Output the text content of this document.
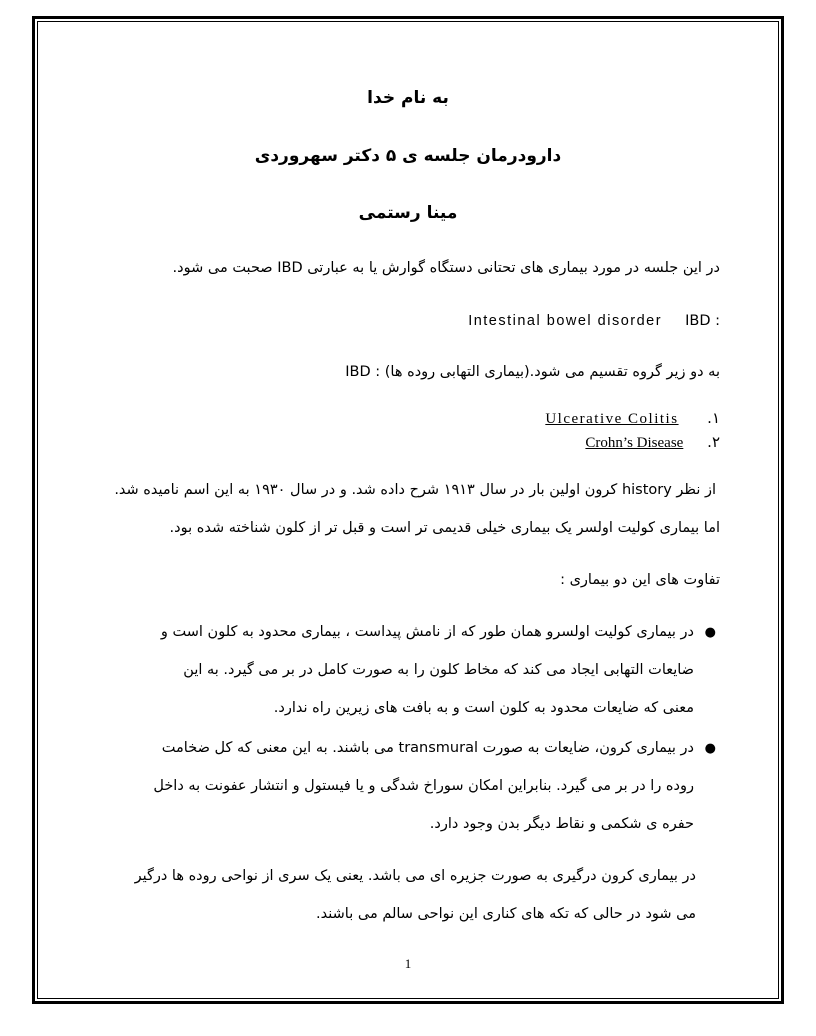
به نام خدا
دارودرمان جلسه ی ۵ دکتر سهروردی
مینا رستمی
در این جلسه در مورد بیماری های تحتانی دستگاه گوارش یا به عبارتی IBD صحبت می شود.
Intestinal bowel disorder IBD :
IBD : به دو زیر گروه تقسیم می شود.(بیماری التهابی روده ها)
Ulcerative Colitis .۱
Crohn’s Disease .۲
از نظر history کرون اولین بار در سال ۱۹۱۳ شرح داده شد. و در سال ۱۹۳۰ به این اسم نامیده شد.
اما بیماری کولیت اولسر یک بیماری خیلی قدیمی تر است و قبل تر از کلون شناخته شده بود.
تفاوت های این دو بیماری :
●
در بیماری کولیت اولسرو همان طور که از نامش پیداست ، بیماری محدود به کلون است و
ضایعات التهابی ایجاد می کند که مخاط کلون را به صورت کامل در بر می گیرد. به این
معنی که ضایعات محدود به کلون است و به بافت های زیرین راه ندارد.
●
در بیماری کرون، ضایعات به صورت transmural می باشند. به این معنی که کل ضخامت
روده را در بر می گیرد. بنابراین امکان سوراخ شدگی و یا فیستول و انتشار عفونت به داخل
حفره ی شکمی و نقاط دیگر بدن وجود دارد.
در بیماری کرون درگیری به صورت جزیره ای می باشد. یعنی یک سری از نواحی روده ها درگیر
می شود در حالی که تکه های کناری این نواحی سالم می باشند.
1
